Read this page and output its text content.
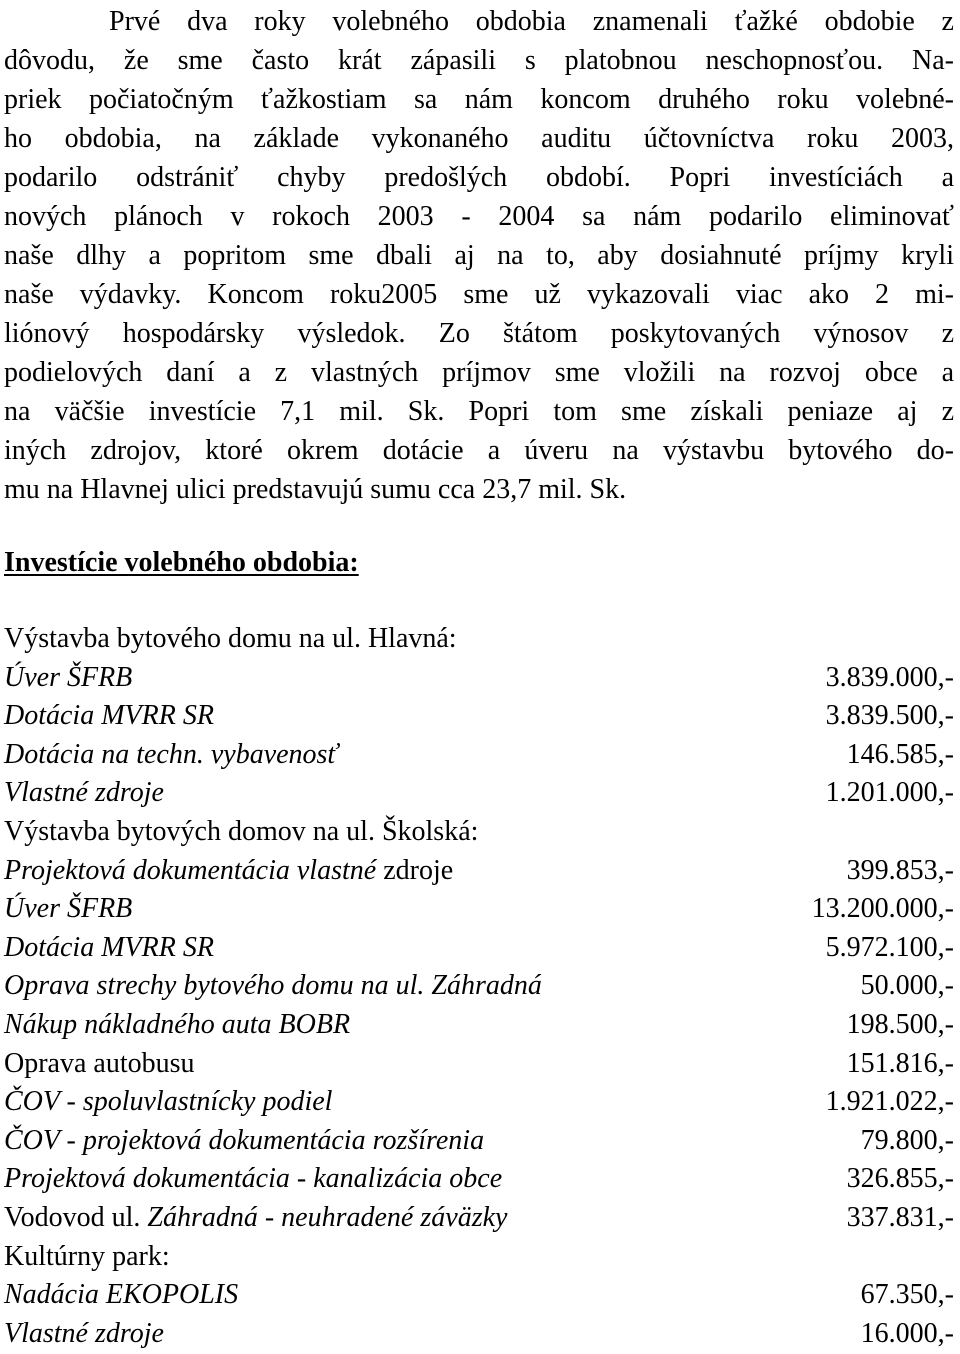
Prvé dva roky volebného obdobia znamenali ťažké obdobie z
dôvodu, že sme často krát zápasili s platobnou neschopnosťou. Na-
priek počiatočným ťažkostiam sa nám koncom druhého roku volebné-
ho obdobia, na základe vykonaného auditu účtovníctva roku 2003,
podarilo odstrániť chyby predošlých období. Popri investíciách a
nových plánoch v rokoch 2003 - 2004 sa nám podarilo eliminovať
naše dlhy a popritom sme dbali aj na to, aby dosiahnuté príjmy kryli
naše výdavky. Koncom roku2005 sme už vykazovali viac ako 2 mi-
liónový hospodársky výsledok. Zo štátom poskytovaných výnosov z
podielových daní a z vlastných príjmov sme vložili na rozvoj obce a
na väčšie investície 7,1 mil. Sk. Popri tom sme získali peniaze aj z
iných zdrojov, ktoré okrem dotácie a úveru na výstavbu bytového do-
mu na Hlavnej ulici predstavujú sumu cca 23,7 mil. Sk.

Investície volebného obdobia:
Výstavba bytového domu na ul. Hlavná:
Úver ŠFRB	3.839.000,-
Dotácia MVRR SR	3.839.500,-
Dotácia na techn. vybavenosť	146.585,-
Vlastné zdroje	1.201.000,-
Výstavba bytových domov na ul. Školská:
Projektová dokumentácia vlastné zdroje	399.853,-
Úver ŠFRB	13.200.000,-
Dotácia MVRR SR	5.972.100,-
Oprava strechy bytového domu na ul. Záhradná	50.000,-
Nákup nákladného auta BOBR	198.500,-
Oprava autobusu	151.816,-
ČOV - spoluvlastnícky podiel	1.921.022,-
ČOV - projektová dokumentácia rozšírenia	79.800,-
Projektová dokumentácia - kanalizácia obce	326.855,-
Vodovod ul. Záhradná - neuhradené záväzky	337.831,-
Kultúrny park:
Nadácia EKOPOLIS	67.350,-
Vlastné zdroje	16.000,-
